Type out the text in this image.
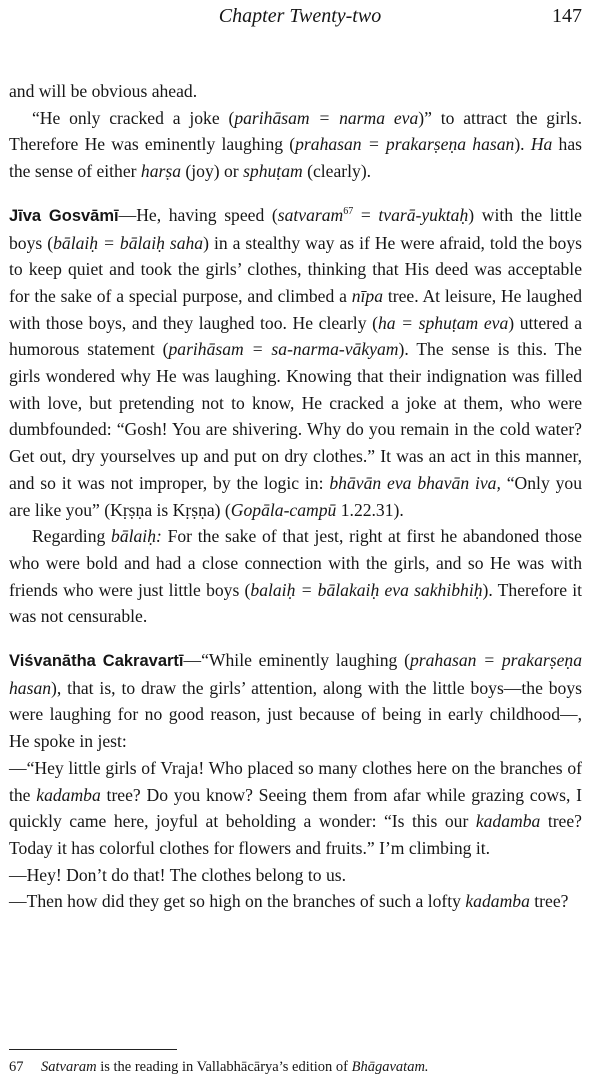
Chapter Twenty-two	147

and will be obvious ahead.

“He only cracked a joke (parihāsam = narma eva)” to attract the girls. Therefore He was eminently laughing (prahasan = prakarṣeṇa hasan). Ha has the sense of either harṣa (joy) or sphuṭam (clearly).

Jīva Gosvāmī—He, having speed (satvaram$^{67}$ = tvarā-yuktaḥ) with the little boys (bālaiḥ = bālaiḥ saha) in a stealthy way as if He were afraid, told the boys to keep quiet and took the girls’ clothes, thinking that His deed was acceptable for the sake of a special purpose, and climbed a nīpa tree. At leisure, He laughed with those boys, and they laughed too. He clearly (ha = sphuṭam eva) uttered a humorous statement (parihāsam = sa-narma-vākyam). The sense is this. The girls wondered why He was laughing. Knowing that their indignation was filled with love, but pretending not to know, He cracked a joke at them, who were dumbfounded: “Gosh! You are shivering. Why do you remain in the cold water? Get out, dry yourselves up and put on dry clothes.” It was an act in this manner, and so it was not improper, by the logic in: bhāvān eva bhavān iva, “Only you are like you” (Kṛṣṇa is Kṛṣṇa) (Gopāla-campū 1.22.31).

Regarding bālaiḥ: For the sake of that jest, right at first he abandoned those who were bold and had a close connection with the girls, and so He was with friends who were just little boys (balaiḥ = bālakaiḥ eva sakhibhiḥ). Therefore it was not censurable.

Viśvanātha Cakravartī—“While eminently laughing (prahasan = prakarṣeṇa hasan), that is, to draw the girls’ attention, along with the little boys—the boys were laughing for no good reason, just because of being in early childhood—, He spoke in jest:

—“Hey little girls of Vraja! Who placed so many clothes here on the branches of the kadamba tree? Do you know? Seeing them from afar while grazing cows, I quickly came here, joyful at beholding a wonder: “Is this our kadamba tree? Today it has colorful clothes for flowers and fruits.” I’m climbing it.

—Hey! Don’t do that! The clothes belong to us.

—Then how did they get so high on the branches of such a lofty kadamba tree?

67 Satvaram is the reading in Vallabhācārya’s edition of Bhāgavatam.
